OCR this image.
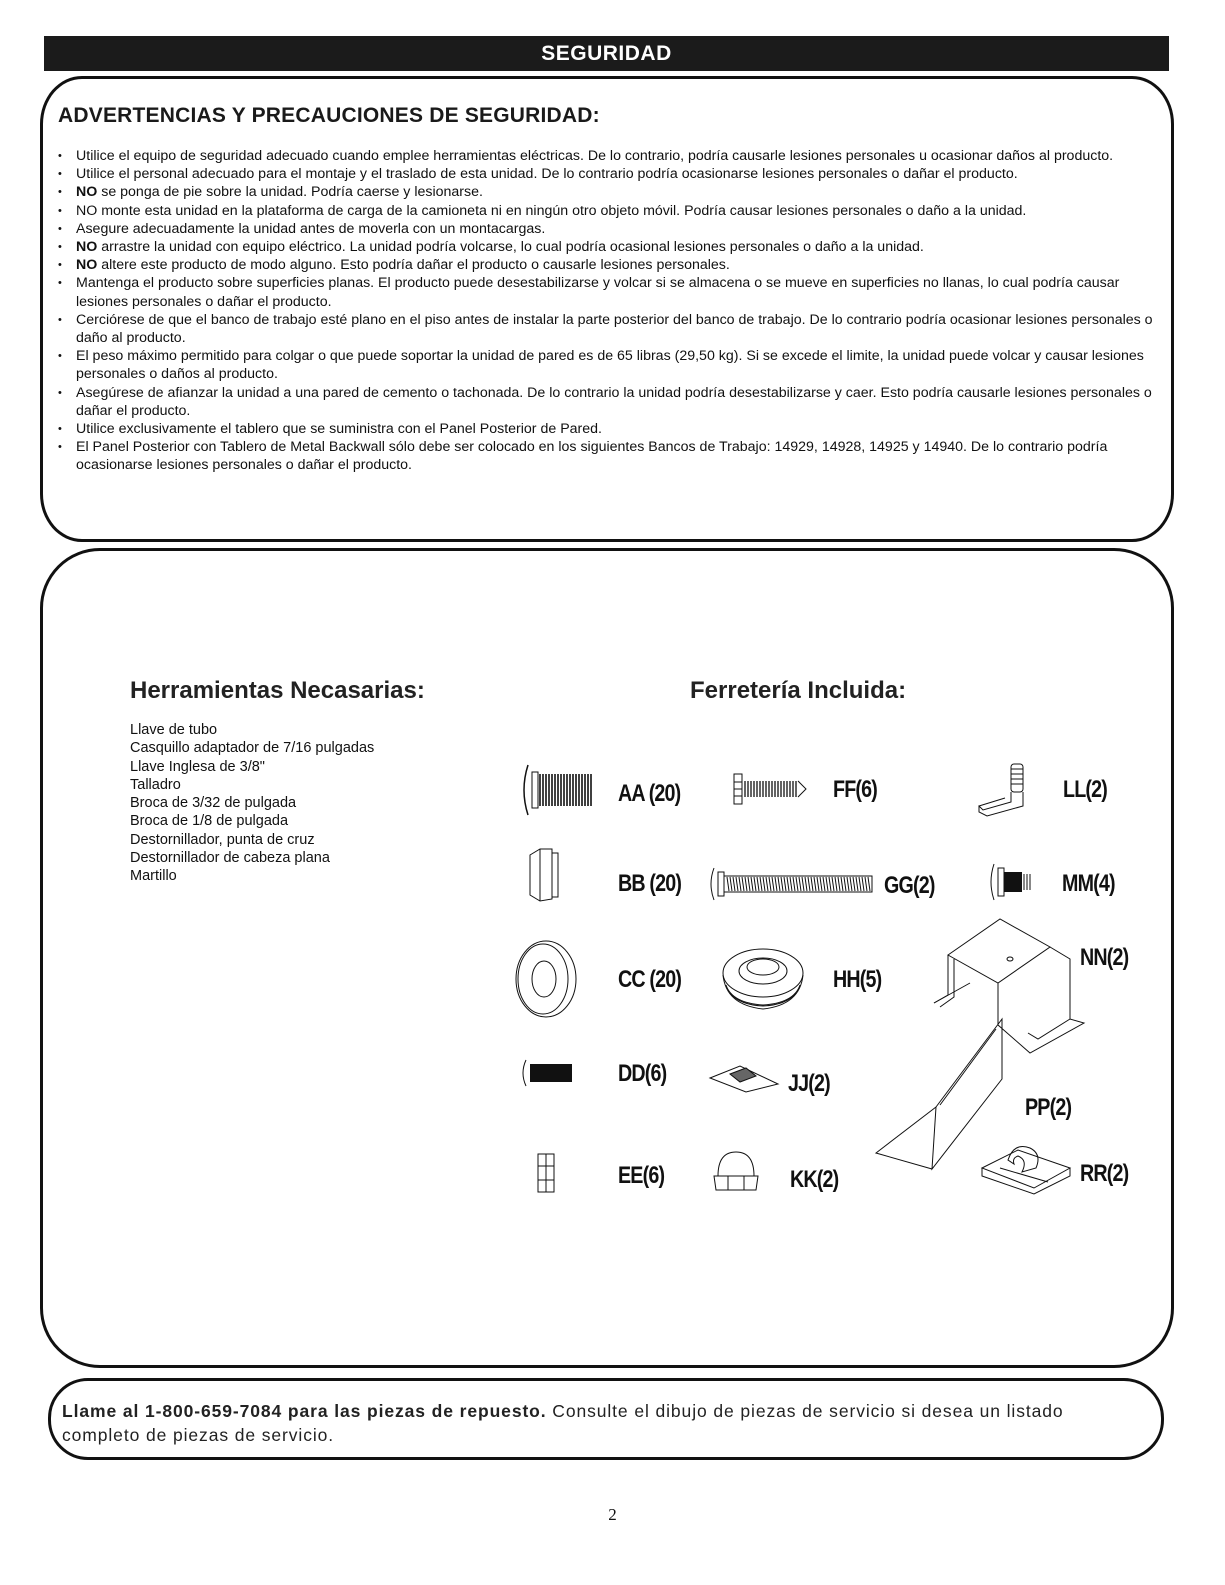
SEGURIDAD
ADVERTENCIAS Y PRECAUCIONES DE SEGURIDAD:
• Utilice el equipo de seguridad adecuado cuando emplee herramientas eléctricas. De lo contrario, podría causarle lesiones personales u ocasionar daños al producto.
• Utilice el personal adecuado para el montaje y el traslado de esta unidad. De lo contrario podría ocasionarse lesiones personales o dañar el producto.
• NO se ponga de pie sobre la unidad. Podría caerse y lesionarse.
• NO monte esta unidad en la plataforma de carga de la camioneta ni en ningún otro objeto móvil. Podría causar lesiones personales o daño a la unidad.
• Asegure adecuadamente la unidad antes de moverla con un montacargas.
• NO arrastre la unidad con equipo eléctrico. La unidad podría volcarse, lo cual podría ocasional lesiones personales o daño a la unidad.
• NO altere este producto de modo alguno. Esto podría dañar el producto o causarle lesiones personales.
• Mantenga el producto sobre superficies planas. El producto puede desestabilizarse y volcar si se almacena o se mueve en superficies no llanas, lo cual podría causar lesiones personales o dañar el producto.
• Cerciórese de que el banco de trabajo esté plano en el piso antes de instalar la parte posterior del banco de trabajo. De lo contrario podría ocasionar lesiones personales o daño al producto.
• El peso máximo permitido para colgar o que puede soportar la unidad de pared es de 65 libras (29,50 kg). Si se excede el limite, la unidad puede volcar y causar lesiones personales o daños al producto.
• Asegúrese de afianzar la unidad a una pared de cemento o tachonada. De lo contrario la unidad podría desestabilizarse y caer. Esto podría causarle lesiones personales o dañar el producto.
• Utilice exclusivamente el tablero que se suministra con el Panel Posterior de Pared.
• El Panel Posterior con Tablero de Metal Backwall sólo debe ser colocado en los siguientes Bancos de Trabajo: 14929, 14928, 14925 y 14940. De lo contrario podría ocasionarse lesiones personales o dañar el producto.
Herramientas Necasarias:
Llave de tubo
Casquillo adaptador de 7/16 pulgadas
Llave Inglesa de 3/8"
Talladro
Broca de 3/32 de pulgada
Broca de 1/8 de pulgada
Destornillador, punta de cruz
Destornillador de cabeza plana
Martillo
Ferretería Incluida:
AA (20)	FF(6)	LL(2)
BB (20)	GG(2)	MM(4)
CC (20)	HH(5)
NN(2)
DD(6)	JJ(2)
PP(2)
EE(6)	KK(2)	RR(2)
Llame al 1-800-659-7084 para las piezas de repuesto. Consulte el dibujo de piezas de servicio si desea un listado completo de piezas de servicio.
2
